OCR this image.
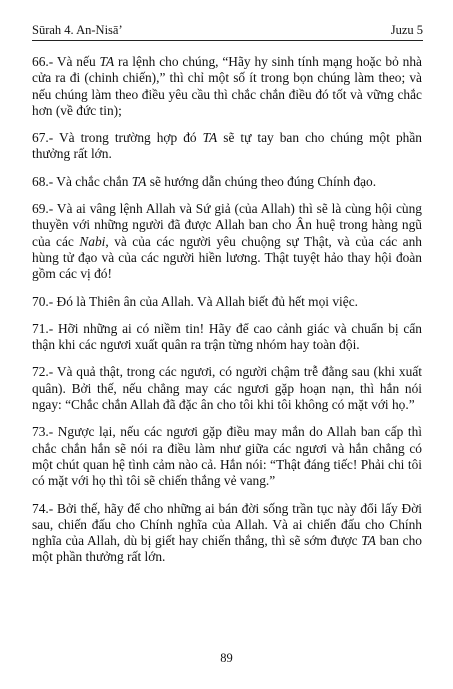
Sūrah 4. An-Nisā’	Juzu 5

66.- Và nếu TA ra lệnh cho chúng, “Hãy hy sinh tính mạng hoặc bỏ nhà cửa ra đi (chinh chiến),” thì chỉ một số ít trong bọn chúng làm theo; và nếu chúng làm theo điều yêu cầu thì chắc chắn điều đó tốt và vững chắc hơn (về đức tin);

67.- Và trong trường hợp đó TA sẽ tự tay ban cho chúng một phần thưởng rất lớn.

68.- Và chắc chắn TA sẽ hướng dẫn chúng theo đúng Chính đạo.

69.- Và ai vâng lệnh Allah và Sứ giả (của Allah) thì sẽ là cùng hội cùng thuyền với những người đã được Allah ban cho Ân huệ trong hàng ngũ của các Nabi, và của các người yêu chuộng sự Thật, và của các anh hùng tử đạo và của các người hiền lương. Thật tuyệt hảo thay hội đoàn gồm các vị đó!

70.- Đó là Thiên ân của Allah. Và Allah biết đủ hết mọi việc.

71.- Hỡi những ai có niềm tin! Hãy để cao cảnh giác và chuẩn bị cẩn thận khi các ngươi xuất quân ra trận từng nhóm hay toàn đội.

72.- Và quả thật, trong các ngươi, có người chậm trễ đằng sau (khi xuất quân). Bởi thế, nếu chẳng may các ngươi gặp hoạn nạn, thì hắn nói ngay: “Chắc chắn Allah đã đặc ân cho tôi khi tôi không có mặt với họ.”

73.- Ngược lại, nếu các ngươi gặp điều may mắn do Allah ban cấp thì chắc chắn hắn sẽ nói ra điều làm như giữa các ngươi và hắn chẳng có một chút quan hệ tình cảm nào cả. Hắn nói: “Thật đáng tiếc! Phải chi tôi có mặt với họ thì tôi sẽ chiến thắng vẻ vang.”

74.- Bởi thế, hãy để cho những ai bán đời sống trần tục này đổi lấy Đời sau, chiến đấu cho Chính nghĩa của Allah. Và ai chiến đấu cho Chính nghĩa của Allah, dù bị giết hay chiến thắng, thì sẽ sớm được TA ban cho một phần thưởng rất lớn.

89
